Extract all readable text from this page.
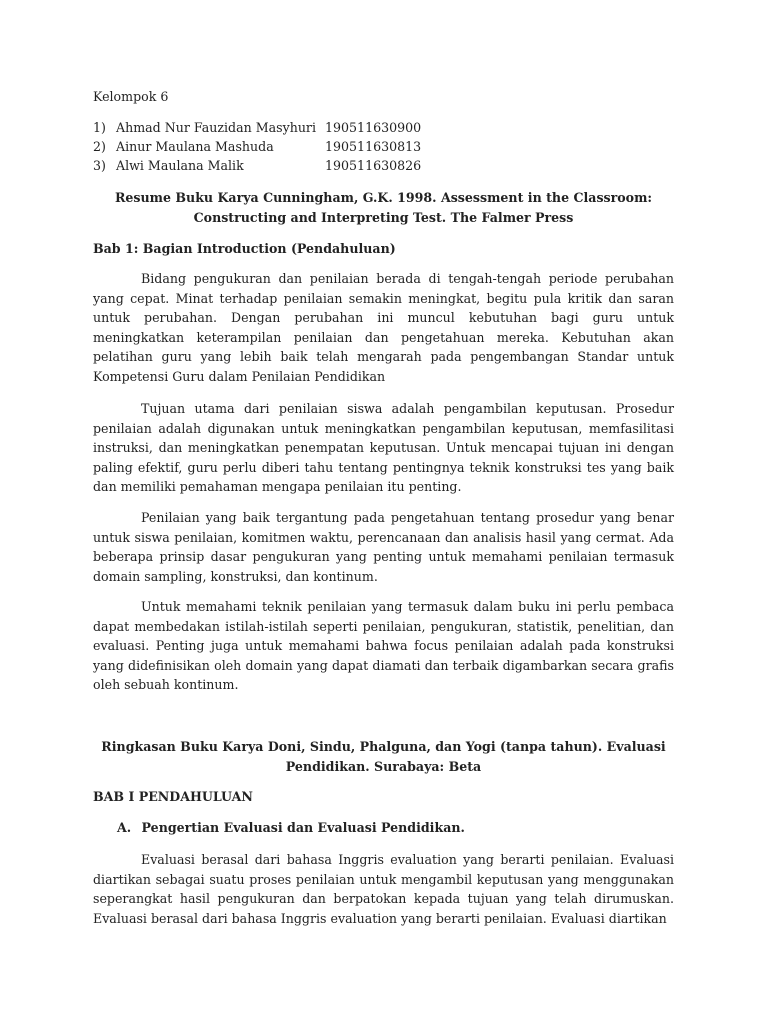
Kelompok 6
1) Ahmad Nur Fauzidan Masyhuri 190511630900
2) Ainur Maulana Mashuda	190511630813
3) Alwi Maulana Malik	190511630826
Resume Buku Karya Cunningham, G.K. 1998. Assessment in the Classroom:
Constructing and Interpreting Test. The Falmer Press
Bab 1: Bagian Introduction (Pendahuluan)

Bidang pengukuran dan penilaian berada di tengah-tengah periode perubahan yang cepat. Minat terhadap penilaian semakin meningkat, begitu pula kritik dan saran untuk perubahan. Dengan perubahan ini muncul kebutuhan bagi guru untuk meningkatkan keterampilan penilaian dan pengetahuan mereka. Kebutuhan akan pelatihan guru yang lebih baik telah mengarah pada pengembangan Standar untuk Kompetensi Guru dalam Penilaian Pendidikan

Tujuan utama dari penilaian siswa adalah pengambilan keputusan. Prosedur penilaian adalah digunakan untuk meningkatkan pengambilan keputusan, memfasilitasi instruksi, dan meningkatkan penempatan keputusan. Untuk mencapai tujuan ini dengan paling efektif, guru perlu diberi tahu tentang pentingnya teknik konstruksi tes yang baik dan memiliki pemahaman mengapa penilaian itu penting.

Penilaian yang baik tergantung pada pengetahuan tentang prosedur yang benar untuk siswa penilaian, komitmen waktu, perencanaan dan analisis hasil yang cermat. Ada beberapa prinsip dasar pengukuran yang penting untuk memahami penilaian termasuk domain sampling, konstruksi, dan kontinum.

Untuk memahami teknik penilaian yang termasuk dalam buku ini perlu pembaca dapat membedakan istilah-istilah seperti penilaian, pengukuran, statistik, penelitian, dan evaluasi. Penting juga untuk memahami bahwa focus penilaian adalah pada konstruksi yang didefinisikan oleh domain yang dapat diamati dan terbaik digambarkan secara grafis oleh sebuah kontinum.

Ringkasan Buku Karya Doni, Sindu, Phalguna, dan Yogi (tanpa tahun). Evaluasi
Pendidikan. Surabaya: Beta
BAB I PENDAHULUAN
A. Pengertian Evaluasi dan Evaluasi Pendidikan.

Evaluasi berasal dari bahasa Inggris evaluation yang berarti penilaian. Evaluasi diartikan sebagai suatu proses penilaian untuk mengambil keputusan yang menggunakan seperangkat hasil pengukuran dan berpatokan kepada tujuan yang telah dirumuskan. Evaluasi berasal dari bahasa Inggris evaluation yang berarti penilaian. Evaluasi diartikan
